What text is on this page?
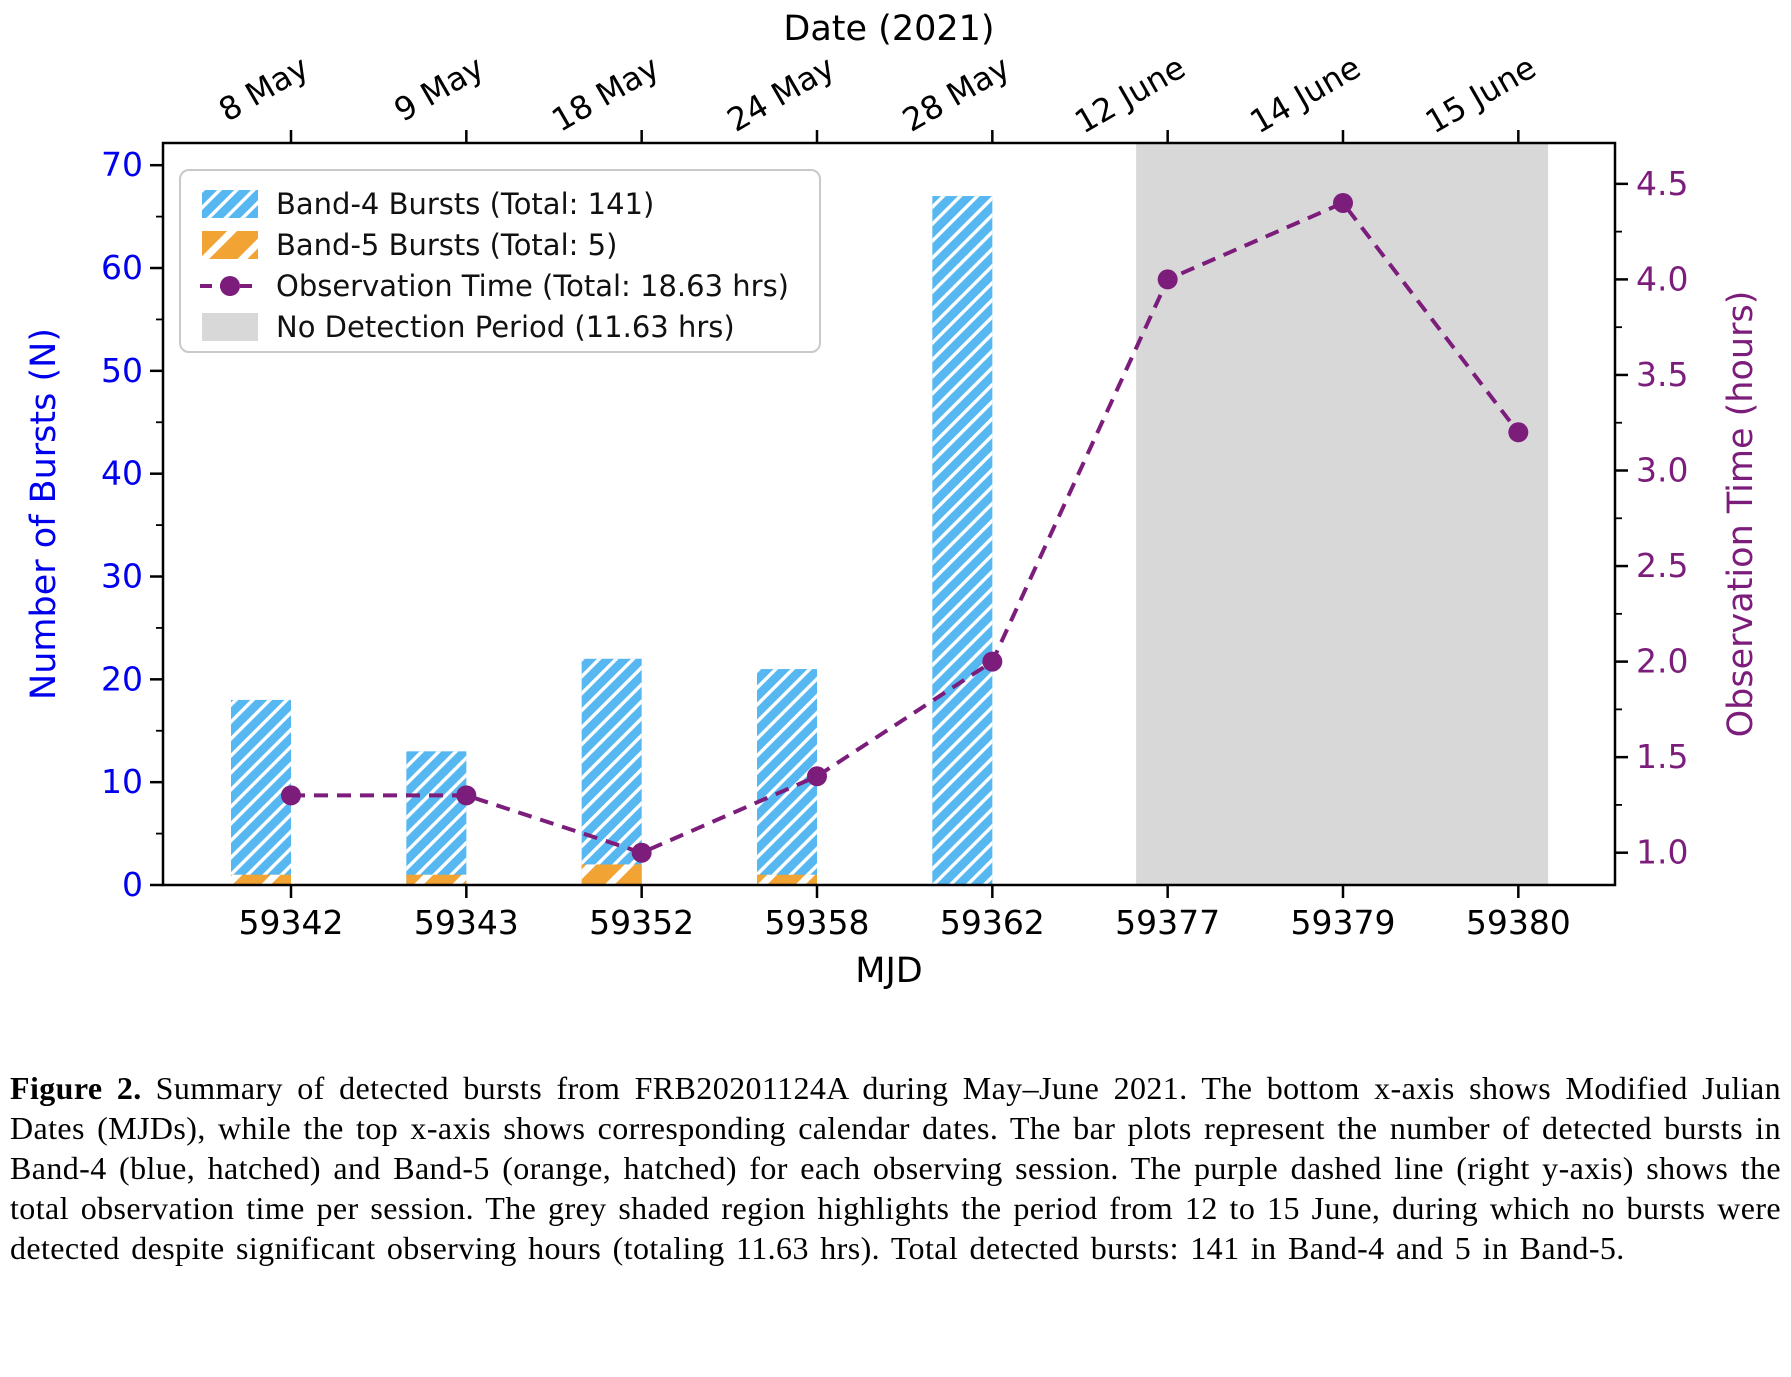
59342
8 May
59343
9 May
59352
18 May
59358
24 May
59362
28 May
59377
12 June
59379
14 June
59380
15 June
0
10
20
30
40
50
60
70
1.0
1.5
2.0
2.5
3.0
3.5
4.0
4.5
Date (2021)
MJD
Number of Bursts (N)	Observation Time (hours)
Band-4 Bursts (Total: 141)
Band-5 Bursts (Total: 5)
Observation Time (Total: 18.63 hrs)
No Detection Period (11.63 hrs)
Figure 2. Summary of detected bursts from FRB20201124A during May–June 2021. The bottom x-axis shows Modified Julian Dates (MJDs), while the top x-axis shows corresponding calendar dates. The bar plots represent the number of detected bursts in Band-4 (blue, hatched) and Band-5 (orange, hatched) for each observing session. The purple dashed line (right y-axis) shows the total observation time per session. The grey shaded region highlights the period from 12 to 15 June, during which no bursts were detected despite significant observing hours (totaling 11.63 hrs). Total detected bursts: 141 in Band-4 and 5 in Band-5.
